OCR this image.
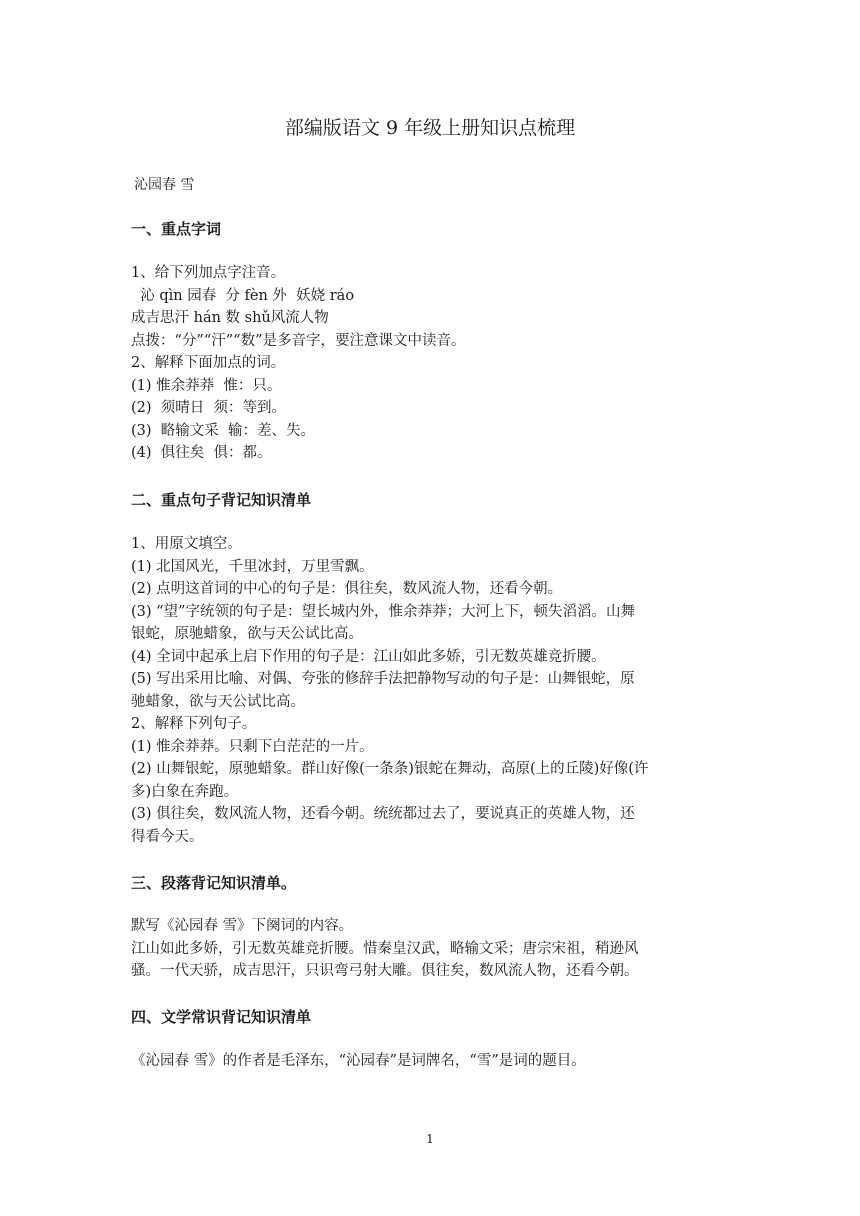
部编版语文 9 年级上册知识点梳理
沁园春 雪
一、重点字词
1、给下列加点字注音。
沁 qìn 园春  分 fèn 外  妖娆 ráo
成吉思汗 hán 数 shǔ风流人物
点拨：“分”“汗”“数”是多音字，要注意课文中读音。
2、解释下面加点的词。
(1) 惟余莽莽  惟：只。
(2)  须晴日  须：等到。
(3)  略输文采  输：差、失。
(4)  俱往矣  俱：都。
二、重点句子背记知识清单
1、用原文填空。
(1) 北国风光，千里冰封，万里雪飘。
(2) 点明这首词的中心的句子是：俱往矣，数风流人物，还看今朝。
(3) “望”字统领的句子是：望长城内外，惟余莽莽；大河上下，顿失滔滔。山舞
银蛇，原驰蜡象，欲与天公试比高。
(4) 全词中起承上启下作用的句子是：江山如此多娇，引无数英雄竞折腰。
(5) 写出采用比喻、对偶、夸张的修辞手法把静物写动的句子是：山舞银蛇，原
驰蜡象，欲与天公试比高。
2、解释下列句子。
(1) 惟余莽莽。只剩下白茫茫的一片。
(2) 山舞银蛇，原驰蜡象。群山好像(一条条)银蛇在舞动，高原(上的丘陵)好像(许
多)白象在奔跑。
(3) 俱往矣，数风流人物，还看今朝。统统都过去了，要说真正的英雄人物，还
得看今天。
三、段落背记知识清单。
默写《沁园春 雪》下阕词的内容。
江山如此多娇，引无数英雄竞折腰。惜秦皇汉武，略输文采；唐宗宋祖，稍逊风
骚。一代天骄，成吉思汗，只识弯弓射大雕。俱往矣，数风流人物，还看今朝。
四、文学常识背记知识清单
《沁园春 雪》的作者是毛泽东，“沁园春”是词牌名，“雪”是词的题目。
1
